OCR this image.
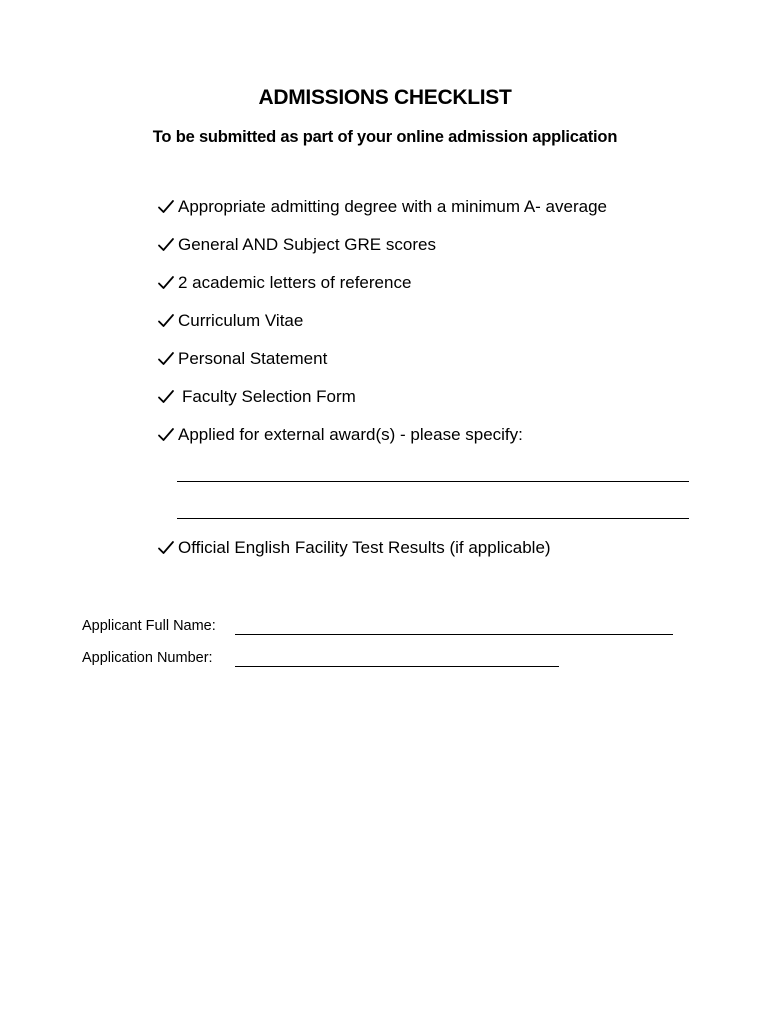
ADMISSIONS CHECKLIST
To be submitted as part of your online admission application
Appropriate admitting degree with a minimum A- average
General AND Subject GRE scores
2 academic letters of reference
Curriculum Vitae
Personal Statement
Faculty Selection Form
Applied for external award(s) - please specify:
Official English Facility Test Results (if applicable)
Applicant Full Name:
Application Number:
